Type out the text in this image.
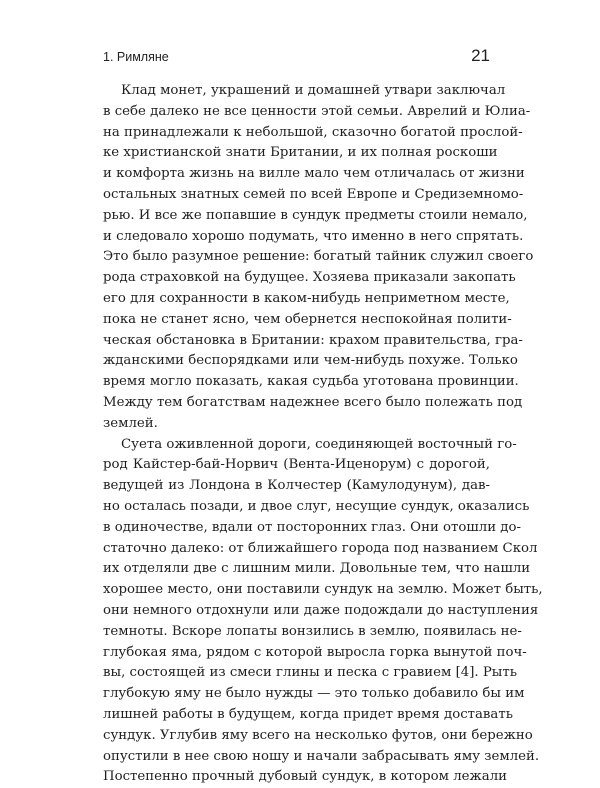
1. Римляне	21
Клад монет, украшений и домашней утвари заключал
в себе далеко не все ценности этой семьи. Аврелий и Юлиа-
на принадлежали к небольшой, сказочно богатой прослой-
ке христианской знати Британии, и их полная роскоши
и комфорта жизнь на вилле мало чем отличалась от жизни
остальных знатных семей по всей Европе и Средиземномо-
рью. И все же попавшие в сундук предметы стоили немало,
и следовало хорошо подумать, что именно в него спрятать.
Это было разумное решение: богатый тайник служил своего
рода страховкой на будущее. Хозяева приказали закопать
его для сохранности в каком-нибудь неприметном месте,
пока не станет ясно, чем обернется неспокойная полити-
ческая обстановка в Британии: крахом правительства, гра-
жданскими беспорядками или чем-нибудь похуже. Только
время могло показать, какая судьба уготована провинции.
Между тем богатствам надежнее всего было полежать под
землей.
Суета оживленной дороги, соединяющей восточный го-
род Кайстер-бай-Норвич (Вента-Иценорум) с дорогой,
ведущей из Лондона в Колчестер (Камулодунум), дав-
но осталась позади, и двое слуг, несущие сундук, оказались
в одиночестве, вдали от посторонних глаз. Они отошли до-
статочно далеко: от ближайшего города под названием Скол
их отделяли две с лишним мили. Довольные тем, что нашли
хорошее место, они поставили сундук на землю. Может быть,
они немного отдохнули или даже подождали до наступления
темноты. Вскоре лопаты вонзились в землю, появилась не-
глубокая яма, рядом с которой выросла горка вынутой поч-
вы, состоящей из смеси глины и песка с гравием [4]. Рыть
глубокую яму не было нужды — это только добавило бы им
лишней работы в будущем, когда придет время доставать
сундук. Углубив яму всего на несколько футов, они бережно
опустили в нее свою ношу и начали забрасывать яму землей.
Постепенно прочный дубовый сундук, в котором лежали
